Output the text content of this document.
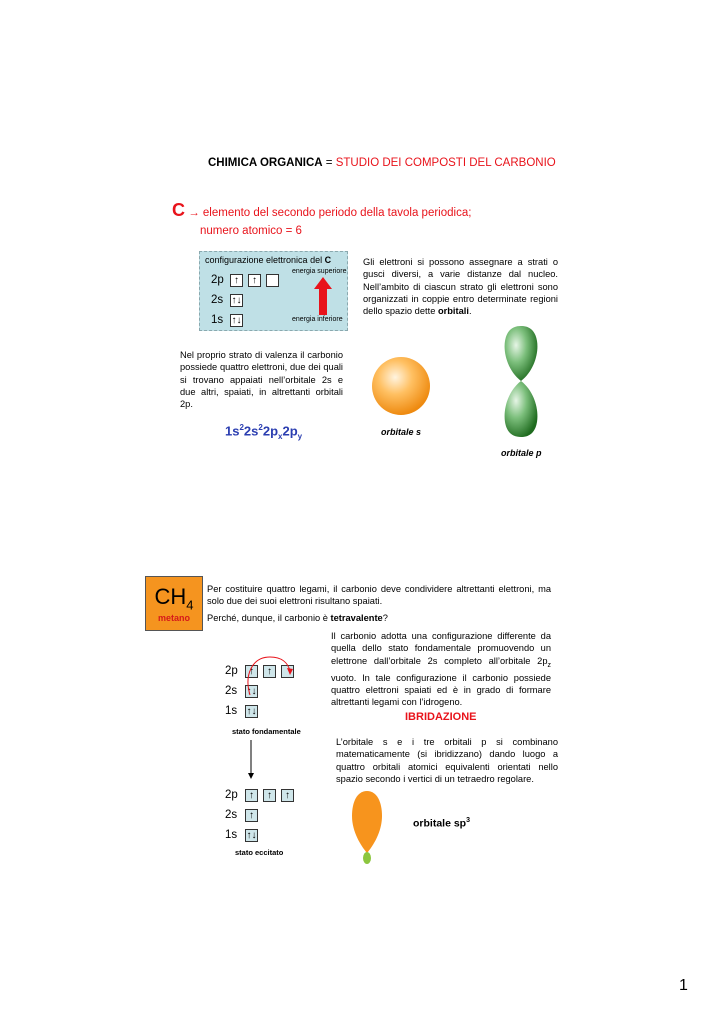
CHIMICA ORGANICA = STUDIO DEI COMPOSTI DEL CARBONIO
C → elemento del secondo periodo della tavola periodica;
numero atomico = 6
configurazione elettronica del C
energia superiore
energia inferiore
2p	↑	↑
2s ↑↓
1s ↑↓
Gli elettroni si possono assegnare a strati o gusci diversi, a varie distanze dal nucleo. Nell’ambito di ciascun strato gli elettroni sono organizzati in coppie entro determinate regioni dello spazio dette orbitali.
Nel proprio strato di valenza il carbonio possiede quattro elettroni, due dei quali si trovano appaiati nell’orbitale 2s e due altri, spaiati, in altrettanti orbitali 2p.
$1s^22s^22p_x2p_y$	orbitale s
orbitale p
$CH_4$
metano
Per costituire quattro legami, il carbonio deve condividere altrettanti elettroni, ma solo due dei suoi elettroni risultano spaiati.
Perché, dunque, il carbonio è tetravalente?
Il carbonio adotta una configurazione differente da quella dello stato fondamentale promuovendo un elettrone dall’orbitale 2s completo all’orbitale $2p_z$ vuoto. In tale configurazione il carbonio possiede quattro elettroni spaiati ed è in grado di formare altrettanti legami con l’idrogeno.
2p	↑	↑
2s ↑↓
1s ↑↓
stato fondamentale
2p	↑	↑	↑
2s	↑
1s ↑↓
stato eccitato
IBRIDAZIONE
L’orbitale s e i tre orbitali p si combinano matematicamente (si ibridizzano) dando luogo a quattro orbitali atomici equivalenti orientati nello spazio secondo i vertici di un tetraedro regolare.
orbitale $sp^3$
1
